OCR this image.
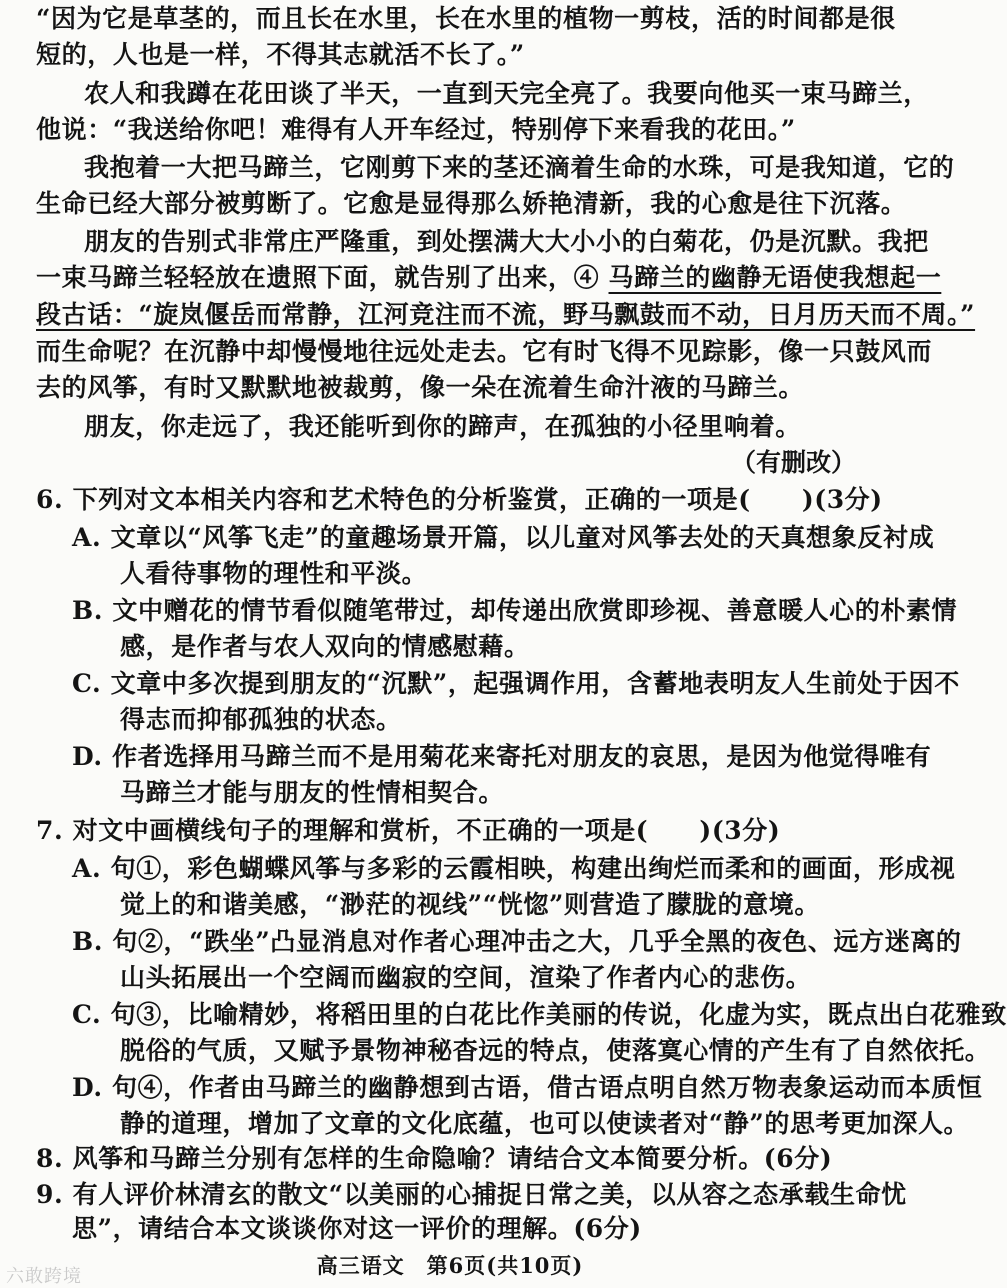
“因为它是草茎的，而且长在水里，长在水里的植物一剪枝，活的时间都是很
短的，人也是一样，不得其志就活不长了。”
农人和我蹲在花田谈了半天，一直到天完全亮了。我要向他买一束马蹄兰，
他说：“我送给你吧！难得有人开车经过，特别停下来看我的花田。”
我抱着一大把马蹄兰，它刚剪下来的茎还滴着生命的水珠，可是我知道，它的
生命已经大部分被剪断了。它愈是显得那么娇艳清新，我的心愈是往下沉落。
朋友的告别式非常庄严隆重，到处摆满大大小小的白菊花，仍是沉默。我把
一束马蹄兰轻轻放在遗照下面，就告别了出来，④ 马蹄兰的幽静无语使我想起一
段古话：“旋岚偃岳而常静，江河竞注而不流，野马飘鼓而不动，日月历天而不周。”
而生命呢？在沉静中却慢慢地往远处走去。它有时飞得不见踪影，像一只鼓风而
去的风筝，有时又默默地被裁剪，像一朵在流着生命汁液的马蹄兰。
朋友，你走远了，我还能听到你的蹄声，在孤独的小径里响着。
（有删改）
6. 下列对文本相关内容和艺术特色的分析鉴赏，正确的一项是(　　)(3分)
A. 文章以“风筝飞走”的童趣场景开篇，以儿童对风筝去处的天真想象反衬成
人看待事物的理性和平淡。
B. 文中赠花的情节看似随笔带过，却传递出欣赏即珍视、善意暖人心的朴素情
感，是作者与农人双向的情感慰藉。
C. 文章中多次提到朋友的“沉默”，起强调作用，含蓄地表明友人生前处于因不
得志而抑郁孤独的状态。
D. 作者选择用马蹄兰而不是用菊花来寄托对朋友的哀思，是因为他觉得唯有
马蹄兰才能与朋友的性情相契合。
7. 对文中画横线句子的理解和赏析，不正确的一项是(　　)(3分)
A. 句①，彩色蝴蝶风筝与多彩的云霞相映，构建出绚烂而柔和的画面，形成视
觉上的和谐美感，“渺茫的视线”“恍惚”则营造了朦胧的意境。
B. 句②，“跌坐”凸显消息对作者心理冲击之大，几乎全黑的夜色、远方迷离的
山头拓展出一个空阔而幽寂的空间，渲染了作者内心的悲伤。
C. 句③，比喻精妙，将稻田里的白花比作美丽的传说，化虚为实，既点出白花雅致
脱俗的气质，又赋予景物神秘杳远的特点，使落寞心情的产生有了自然依托。
D. 句④，作者由马蹄兰的幽静想到古语，借古语点明自然万物表象运动而本质恒
静的道理，增加了文章的文化底蕴，也可以使读者对“静”的思考更加深人。
8. 风筝和马蹄兰分别有怎样的生命隐喻？请结合文本简要分析。(6分)
9. 有人评价林清玄的散文“以美丽的心捕捉日常之美，以从容之态承载生命忧
思”，请结合本文谈谈你对这一评价的理解。(6分)
高三语文　第6页(共10页)
六敢跨境
